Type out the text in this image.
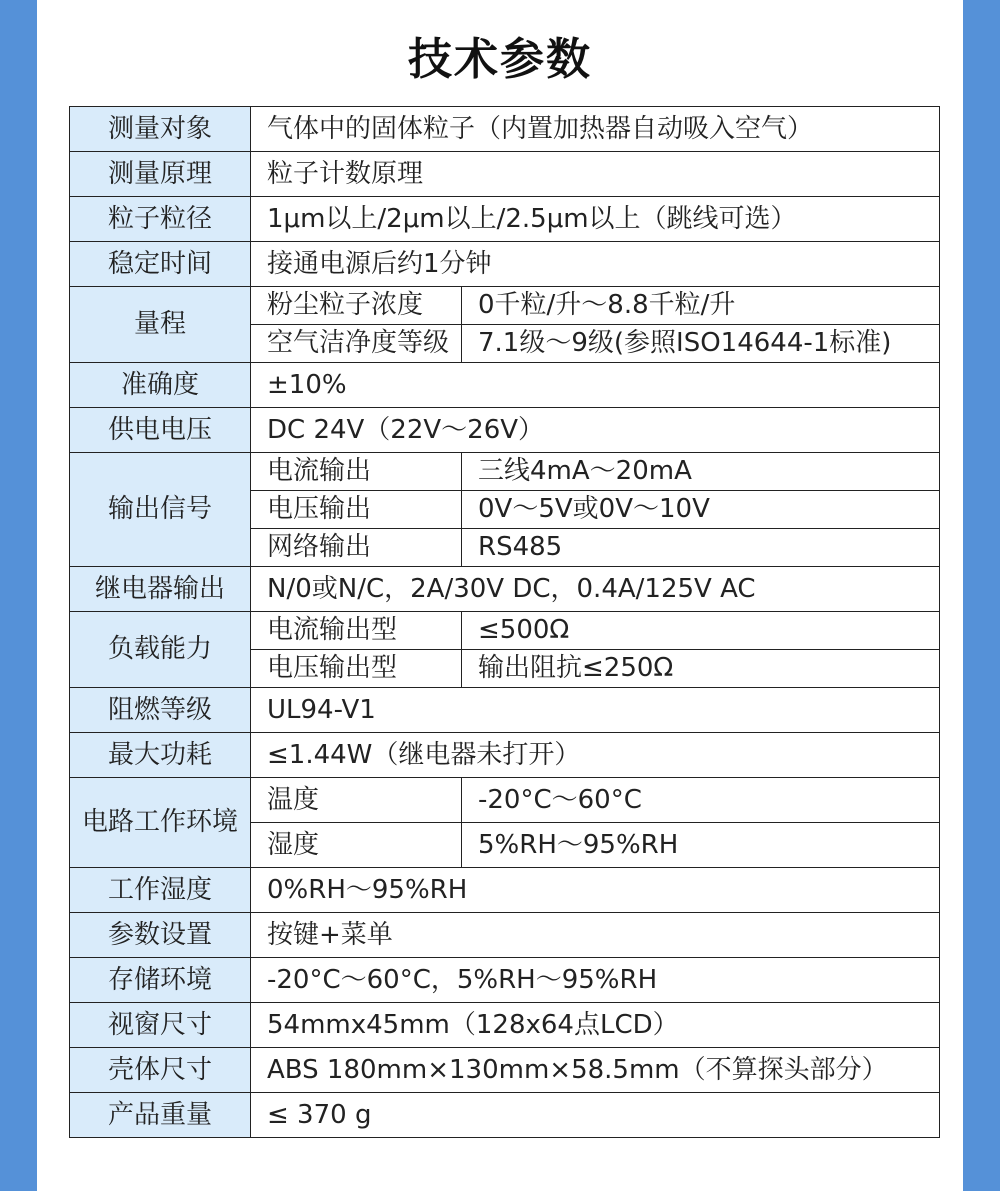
技术参数
测量对象	气体中的固体粒子（内置加热器自动吸入空气）	
测量原理	粒子计数原理	
粒子粒径	1μm以上/2μm以上/2.5μm以上（跳线可选）	
稳定时间	接通电源后约1分钟	
量程	粉尘粒子浓度	0千粒/升～8.8千粒/升
	空气洁净度等级	7.1级～9级(参照ISO14644-1标准)
准确度	±10%	
供电电压	DC 24V（22V～26V）	
输出信号	电流输出	三线4mA～20mA
	电压输出	0V～5V或0V～10V
	网络输出	RS485
继电器输出	N/0或N/C，2A/30V DC，0.4A/125V AC	
负载能力	电流输出型	≤500Ω
	电压输出型	输出阻抗≤250Ω
阻燃等级	UL94-V1	
最大功耗	≤1.44W（继电器未打开）	
电路工作环境	温度	-20°C～60°C
	湿度	5%RH～95%RH
工作湿度	0%RH～95%RH	
参数设置	按键+菜单	
存储环境	-20°C～60°C，5%RH～95%RH	
视窗尺寸	54mmx45mm（128x64点LCD）	
壳体尺寸	ABS 180mm×130mm×58.5mm（不算探头部分）	
产品重量	≤ 370 g	
